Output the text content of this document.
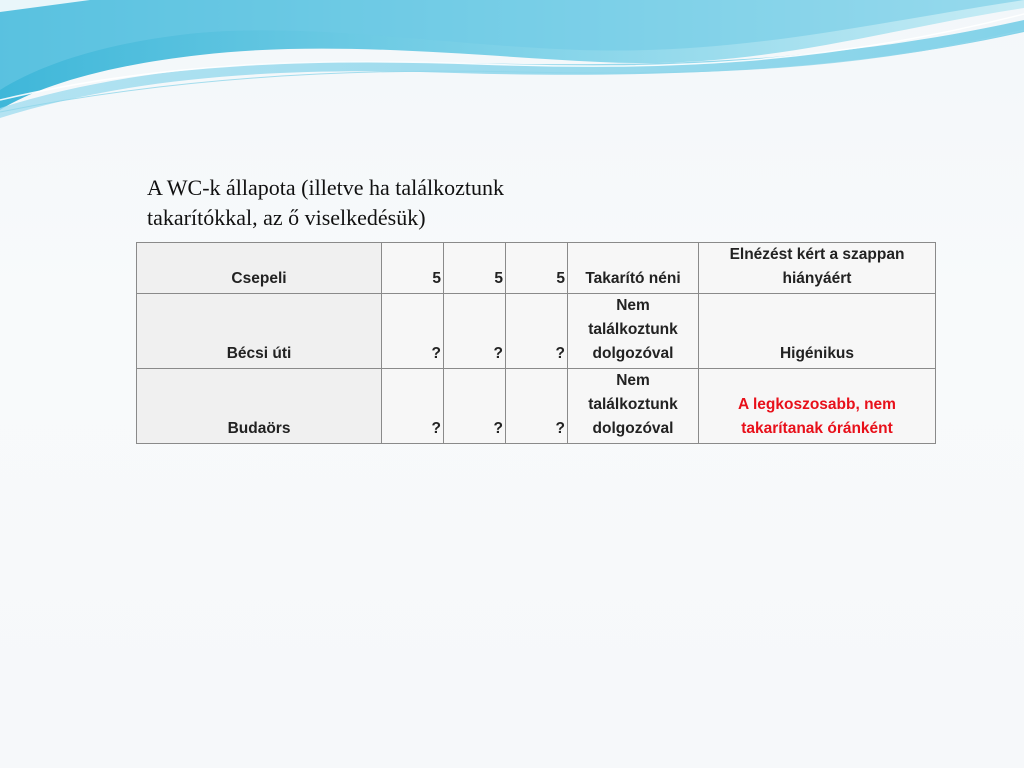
A WC-k állapota (illetve ha találkoztunk
takarítókkal, az ő viselkedésük)
Csepeli	5	5	5	Takarító néni	Elnézést kért a szappan hiányáért
Bécsi úti	?	?	?	Nem találkoztunk dolgozóval	Higénikus
Budaörs	?	?	?	Nem találkoztunk dolgozóval	A legkoszosabb, nem takarítanak óránként
